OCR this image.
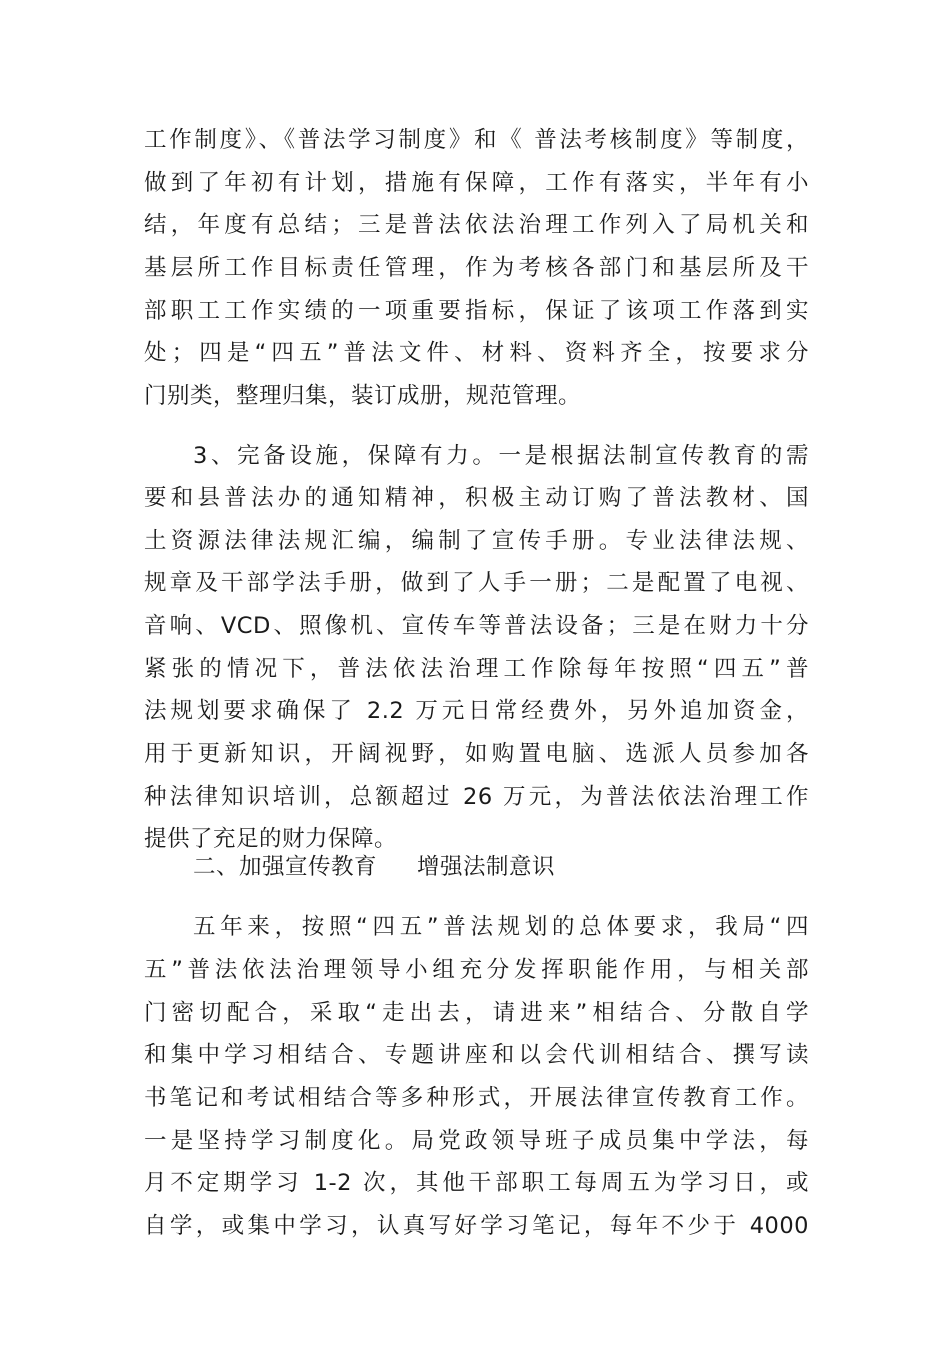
工作制度》、《普法学习制度》和《 普法考核制度》等制度，
做到了年初有计划，措施有保障，工作有落实，半年有小
结，年度有总结；三是普法依法治理工作列入了局机关和
基层所工作目标责任管理，作为考核各部门和基层所及干
部职工工作实绩的一项重要指标，保证了该项工作落到实
处；四是“四五”普法文件、材料、资料齐全，按要求分
门别类，整理归集，装订成册，规范管理。
3、完备设施，保障有力。一是根据法制宣传教育的需
要和县普法办的通知精神，积极主动订购了普法教材、国
土资源法律法规汇编，编制了宣传手册。专业法律法规、
规章及干部学法手册，做到了人手一册；二是配置了电视、
音响、VCD、照像机、宣传车等普法设备；三是在财力十分
紧张的情况下，普法依法治理工作除每年按照“四五”普
法规划要求确保了 2.2 万元日常经费外，另外追加资金，
用于更新知识，开阔视野，如购置电脑、选派人员参加各
种法律知识培训，总额超过 26 万元，为普法依法治理工作
提供了充足的财力保障。
二、加强宣传教育 增强法制意识
五年来，按照“四五”普法规划的总体要求，我局“四
五”普法依法治理领导小组充分发挥职能作用，与相关部
门密切配合，采取“走出去，请进来”相结合、分散自学
和集中学习相结合、专题讲座和以会代训相结合、撰写读
书笔记和考试相结合等多种形式，开展法律宣传教育工作。
一是坚持学习制度化。局党政领导班子成员集中学法，每
月不定期学习 1-2 次，其他干部职工每周五为学习日，或
自学，或集中学习，认真写好学习笔记，每年不少于 4000
